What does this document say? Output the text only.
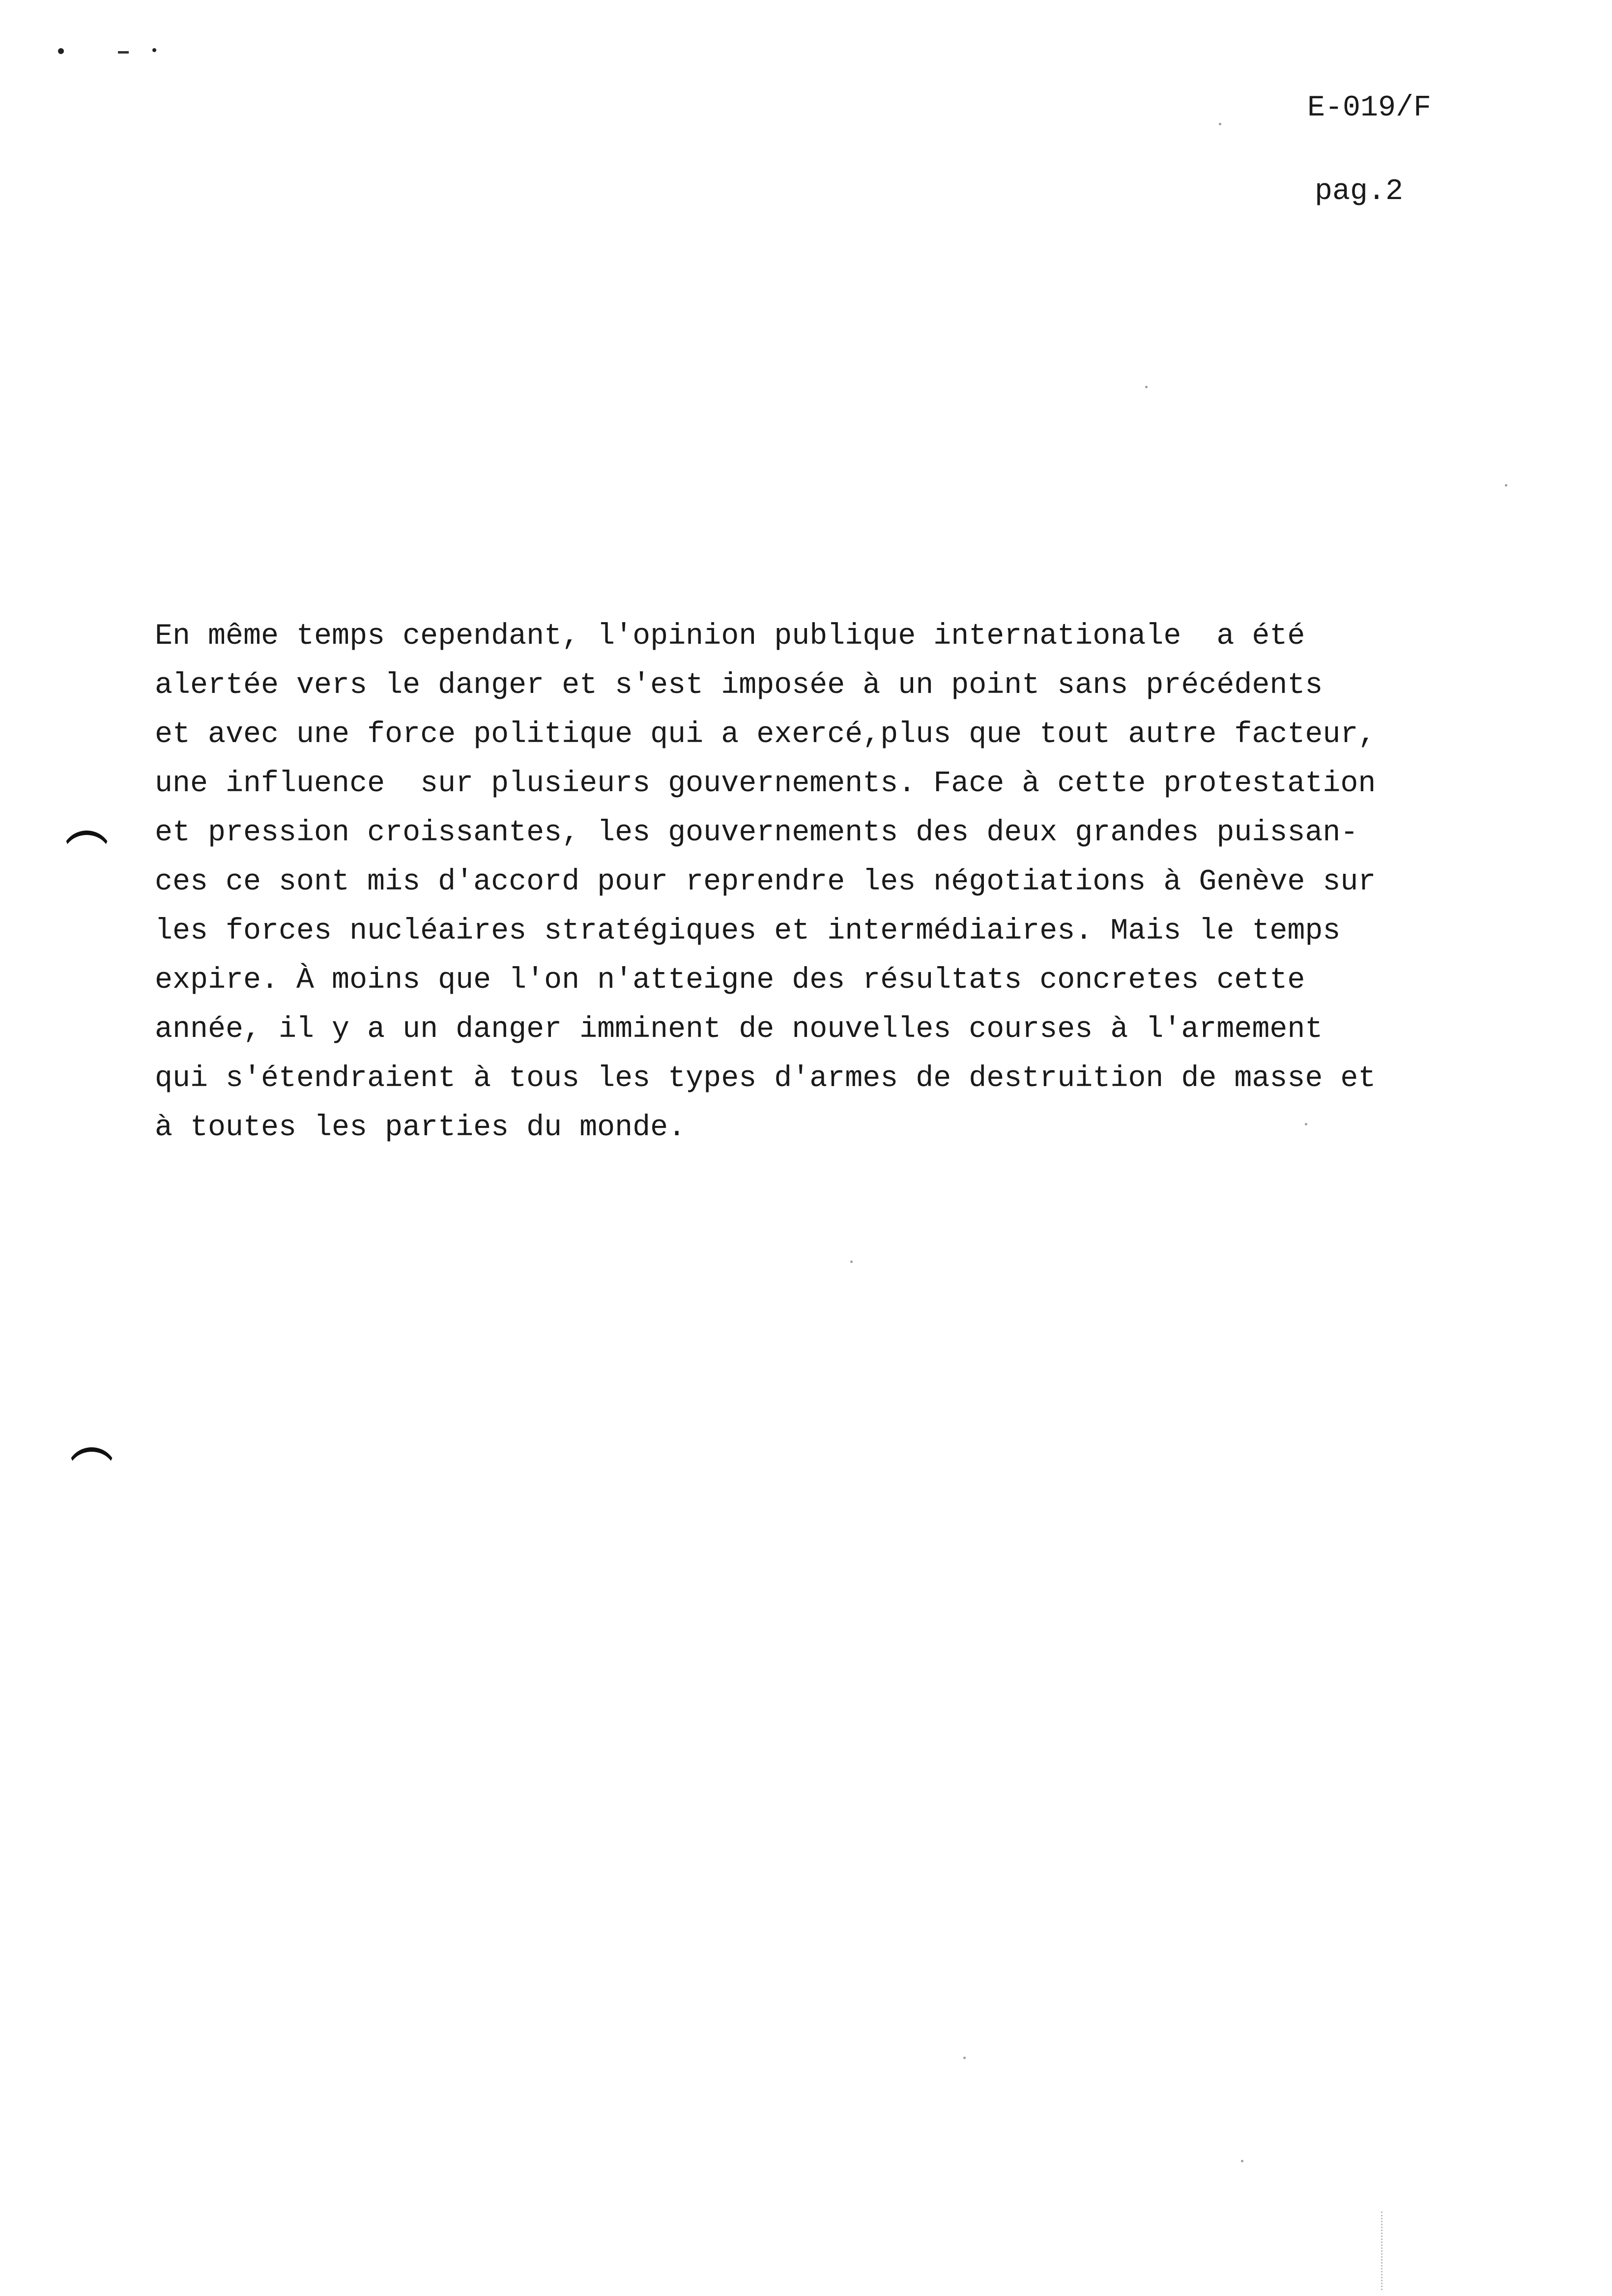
E-019/F
pag.2
En même temps cependant, l'opinion publique internationale  a été
alertée vers le danger et s'est imposée à un point sans précédents
et avec une force politique qui a exercé,plus que tout autre facteur,
une influence  sur plusieurs gouvernements. Face à cette protestation
et pression croissantes, les gouvernements des deux grandes puissan-
ces ce sont mis d'accord pour reprendre les négotiations à Genève sur
les forces nucléaires stratégiques et intermédiaires. Mais le temps
expire. À moins que l'on n'atteigne des résultats concretes cette
année, il y a un danger imminent de nouvelles courses à l'armement
qui s'étendraient à tous les types d'armes de destruition de masse et
à toutes les parties du monde.
